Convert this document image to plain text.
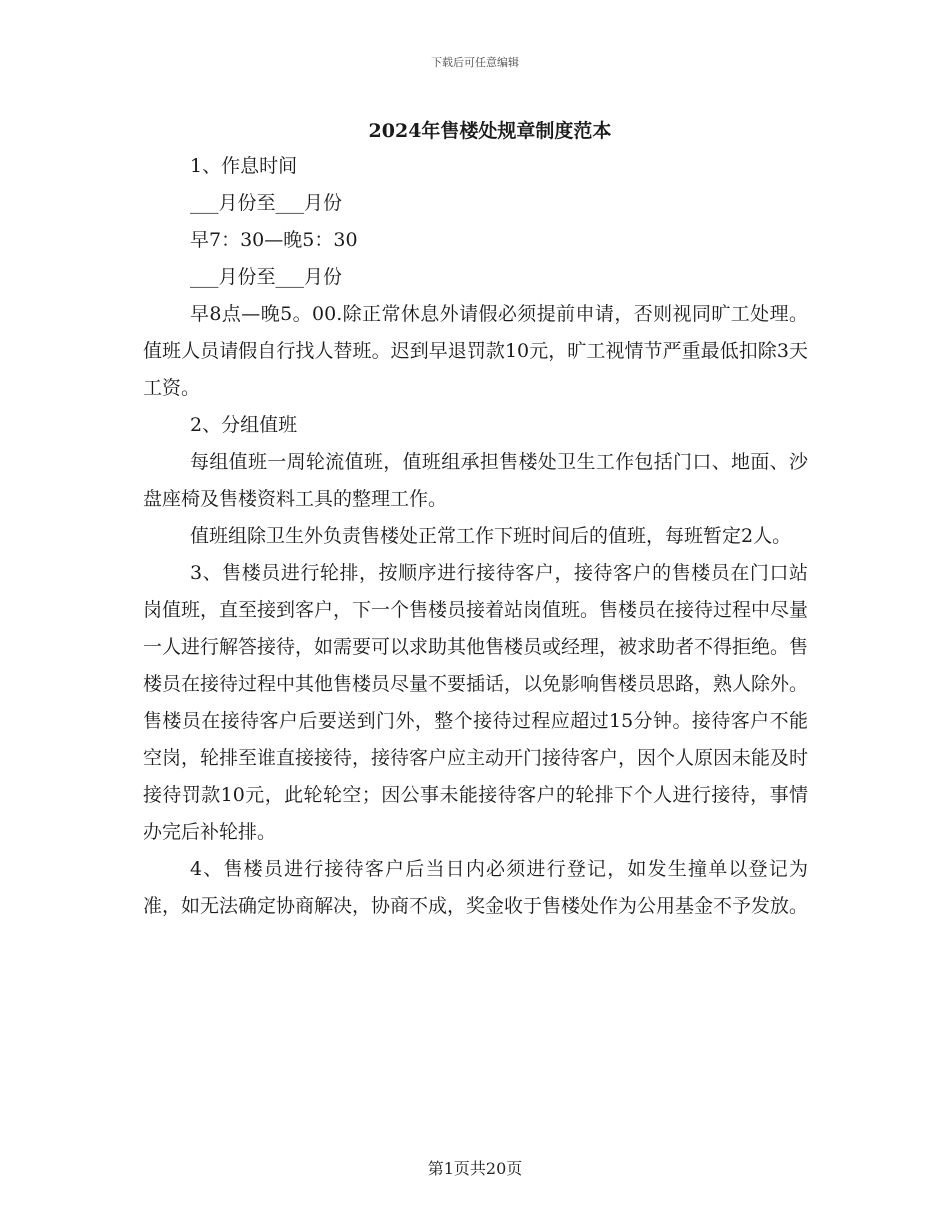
下载后可任意编辑
2024年售楼处规章制度范本

1、作息时间

___月份至___月份

早7：30—晚5：30

___月份至___月份

早8点—晚5。00.除正常休息外请假必须提前申请，否则视同旷工处理。值班人员请假自行找人替班。迟到早退罚款10元，旷工视情节严重最低扣除3天工资。

2、分组值班

每组值班一周轮流值班，值班组承担售楼处卫生工作包括门口、地面、沙盘座椅及售楼资料工具的整理工作。

值班组除卫生外负责售楼处正常工作下班时间后的值班，每班暂定2人。

3、售楼员进行轮排，按顺序进行接待客户，接待客户的售楼员在门口站岗值班，直至接到客户，下一个售楼员接着站岗值班。售楼员在接待过程中尽量一人进行解答接待，如需要可以求助其他售楼员或经理，被求助者不得拒绝。售楼员在接待过程中其他售楼员尽量不要插话，以免影响售楼员思路，熟人除外。售楼员在接待客户后要送到门外，整个接待过程应超过15分钟。接待客户不能空岗，轮排至谁直接接待，接待客户应主动开门接待客户，因个人原因未能及时接待罚款10元，此轮轮空；因公事未能接待客户的轮排下个人进行接待，事情办完后补轮排。

4、售楼员进行接待客户后当日内必须进行登记，如发生撞单以登记为准，如无法确定协商解决，协商不成，奖金收于售楼处作为公用基金不予发放。

第1页共20页
